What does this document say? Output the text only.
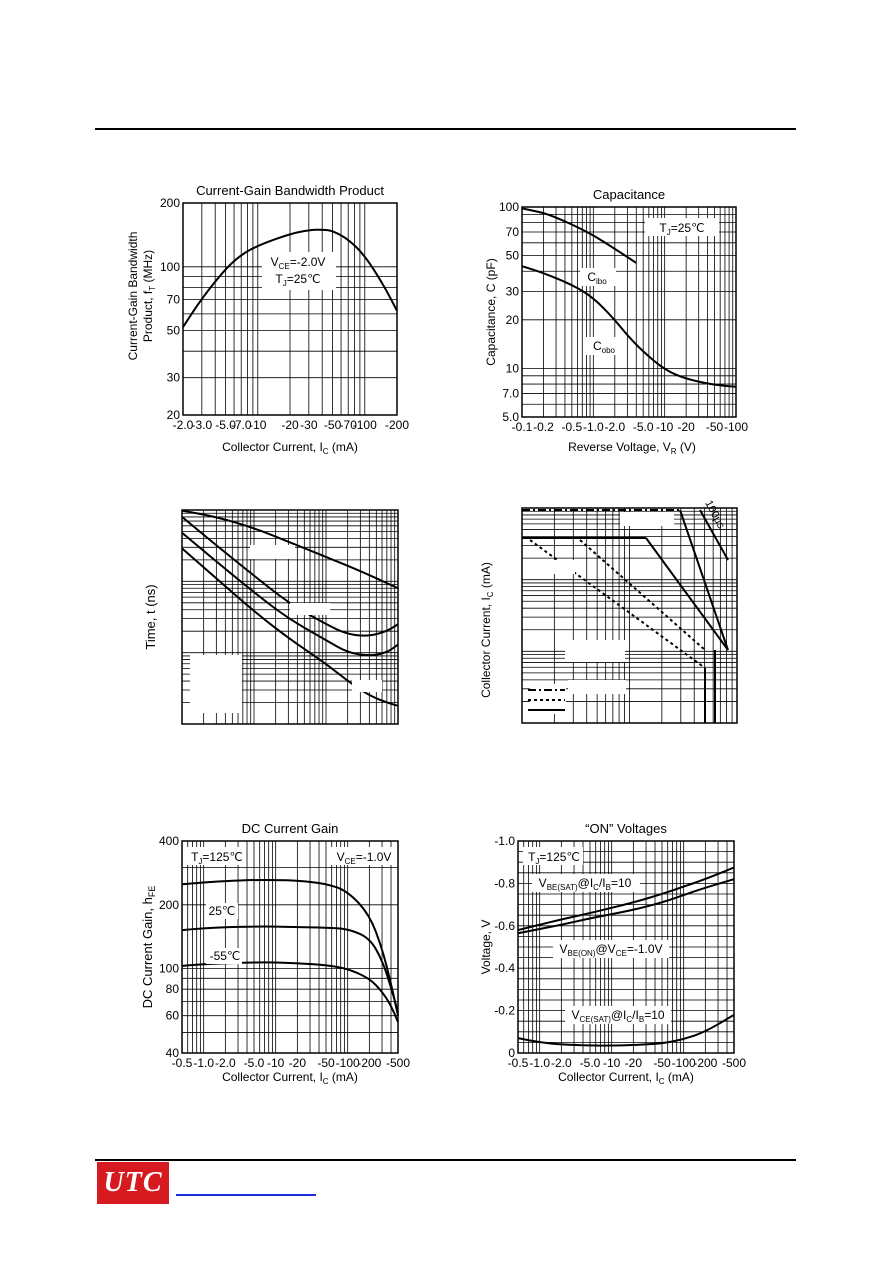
UTC
-2.0
-3.0 -5.0
-7.0
-10 -20 -30 -50
-70
-100 -200
20
30
50
70
100
200
Current-Gain Bandwidth Product
Collector Current, $I_C$ (mA)
Current-Gain Bandwidth Product, $f_T$ (MHz)	$V_{CE}=-2.0V$
$T_J=25℃$
-0.1 -0.2 -0.5 -1.0 -2.0 -5.0 -10 -20 -50 -100
5.0
7.0
10
20
30
50
70
100
Capacitance
Reverse Voltage, $V_R$ (V)
Capacitance, C (pF)
$T_J=25℃$
$C_{ibo}$
$C_{obo}$
Time, t (ns)	Collector Current, $I_C$ (mA)
100μs
-0.5 -1.0 -2.0 -5.0 -10 -20 -50 -100
-200 -500
40
60
80
100
200
400
DC Current Gain
Collector Current, $I_C$ (mA)
DC Current Gain, $h_{FE}$
$T_J=125℃$	$V_{CE}=-1.0V$
25℃
-55℃
-0.5 -1.0 -2.0 -5.0 -10 -20 -50 -100
-200 -500
0
-0.2
-0.4
-0.6
-0.8
-1.0
“ON” Voltages
Collector Current, $I_C$ (mA)
Voltage, V
$T_J=125℃$
$V_{BE(SAT)}@I_C/I_B=10$
$V_{BE(ON)}@V_{CE}=-1.0V$
$V_{CE(SAT)}@I_C/I_B=10$
